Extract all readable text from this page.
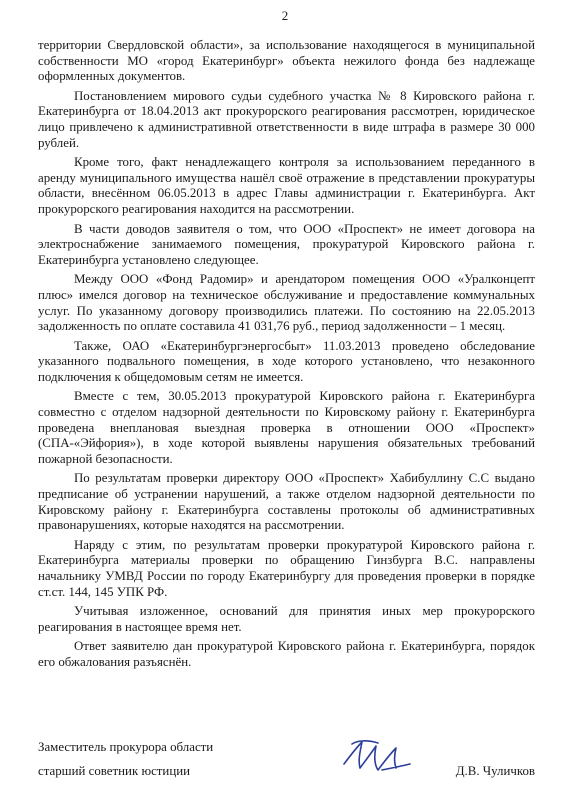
2

территории Свердловской области», за использование находящегося в муниципальной собственности МО «город Екатеринбург» объекта нежилого фонда без надлежаще оформленных документов.

Постановлением мирового судьи судебного участка № 8 Кировского района г. Екатеринбурга от 18.04.2013 акт прокурорского реагирования рассмотрен, юридическое лицо привлечено к административной ответственности в виде штрафа в размере 30 000 рублей.

Кроме того, факт ненадлежащего контроля за использованием переданного в аренду муниципального имущества нашёл своё отражение в представлении прокуратуры области, внесённом 06.05.2013 в адрес Главы администрации г. Екатеринбурга. Акт прокурорского реагирования находится на рассмотрении.

В части доводов заявителя о том, что ООО «Проспект» не имеет договора на электроснабжение занимаемого помещения, прокуратурой Кировского района г. Екатеринбурга установлено следующее.

Между ООО «Фонд Радомир» и арендатором помещения ООО «Уралконцепт плюс» имелся договор на техническое обслуживание и предоставление коммунальных услуг. По указанному договору производились платежи. По состоянию на 22.05.2013 задолженность по оплате составила 41 031,76 руб., период задолженности – 1 месяц.

Также, ОАО «Екатеринбургэнергосбыт» 11.03.2013 проведено обследование указанного подвального помещения, в ходе которого установлено, что незаконного подключения к общедомовым сетям не имеется.

Вместе с тем, 30.05.2013 прокуратурой Кировского района г. Екатеринбурга совместно с отделом надзорной деятельности по Кировскому району г. Екатеринбурга проведена внеплановая выездная проверка в отношении ООО «Проспект» (СПА-«Эйфория»), в ходе которой выявлены нарушения обязательных требований пожарной безопасности.

По результатам проверки директору ООО «Проспект» Хабибуллину С.С выдано предписание об устранении нарушений, а также отделом надзорной деятельности по Кировскому району г. Екатеринбурга составлены протоколы об административных правонарушениях, которые находятся на рассмотрении.

Наряду с этим, по результатам проверки прокуратурой Кировского района г. Екатеринбурга материалы проверки по обращению Гинзбурга В.С. направлены начальнику УМВД России по городу Екатеринбургу для проведения проверки в порядке ст.ст. 144, 145 УПК РФ.

Учитывая изложенное, оснований для принятия иных мер прокурорского реагирования в настоящее время нет.

Ответ заявителю дан прокуратурой Кировского района г. Екатеринбурга, порядок его обжалования разъяснён.

Заместитель прокурора области
старший советник юстиции	Д.В. Чуличков
